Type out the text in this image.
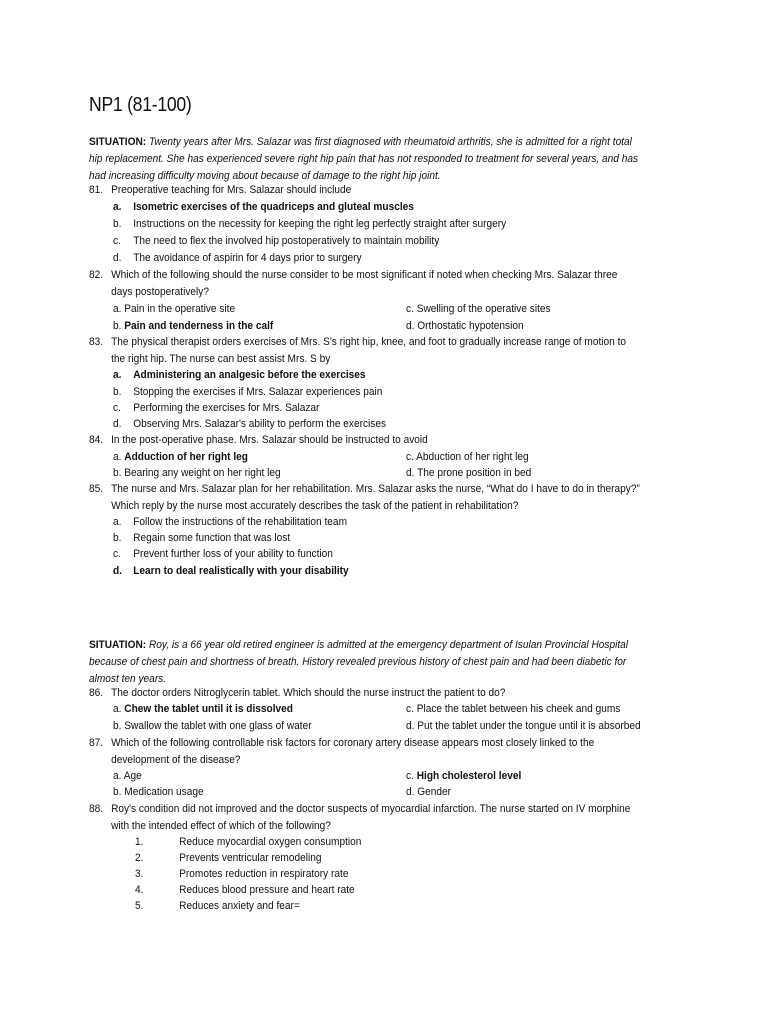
NP1 (81-100)
SITUATION: Twenty years after Mrs. Salazar was first diagnosed with rheumatoid arthritis, she is admitted for a right total hip replacement. She has experienced severe right hip pain that has not responded to treatment for several years, and has had increasing difficulty moving about because of damage to the right hip joint.
81. Preoperative teaching for Mrs. Salazar should include
a. Isometric exercises of the quadriceps and gluteal muscles
b. Instructions on the necessity for keeping the right leg perfectly straight after surgery
c. The need to flex the involved hip postoperatively to maintain mobility
d. The avoidance of aspirin for 4 days prior to surgery
82. Which of the following should the nurse consider to be most significant if noted when checking Mrs. Salazar three days postoperatively?
a. Pain in the operative site
b. Pain and tenderness in the calf
c. Swelling of the operative sites
d. Orthostatic hypotension
83. The physical therapist orders exercises of Mrs. S's right hip, knee, and foot to gradually increase range of motion to the right hip. The nurse can best assist Mrs. S by
a. Administering an analgesic before the exercises
b. Stopping the exercises if Mrs. Salazar experiences pain
c. Performing the exercises for Mrs. Salazar
d. Observing Mrs. Salazar's ability to perform the exercises
84. In the post-operative phase. Mrs. Salazar should be instructed to avoid
a. Adduction of her right leg
b. Bearing any weight on her right leg
c. Abduction of her right leg
d. The prone position in bed
85. The nurse and Mrs. Salazar plan for her rehabilitation. Mrs. Salazar asks the nurse, “What do I have to do in therapy?” Which reply by the nurse most accurately describes the task of the patient in rehabilitation?
a. Follow the instructions of the rehabilitation team
b. Regain some function that was lost
c. Prevent further loss of your ability to function
d. Learn to deal realistically with your disability
SITUATION: Roy, is a 66 year old retired engineer is admitted at the emergency department of Isulan Provincial Hospital because of chest pain and shortness of breath. History revealed previous history of chest pain and had been diabetic for almost ten years.
86. The doctor orders Nitroglycerin tablet. Which should the nurse instruct the patient to do?
a. Chew the tablet until it is dissolved
b. Swallow the tablet with one glass of water
c. Place the tablet between his cheek and gums
d. Put the tablet under the tongue until it is absorbed
87. Which of the following controllable risk factors for coronary artery disease appears most closely linked to the development of the disease?
a. Age
b. Medication usage
c. High cholesterol level
d. Gender
88. Roy's condition did not improved and the doctor suspects of myocardial infarction. The nurse started on IV morphine with the intended effect of which of the following?
1.	Reduce myocardial oxygen consumption
2.	Prevents ventricular remodeling
3.	Promotes reduction in respiratory rate
4.	Reduces blood pressure and heart rate
5.	Reduces anxiety and fear=
